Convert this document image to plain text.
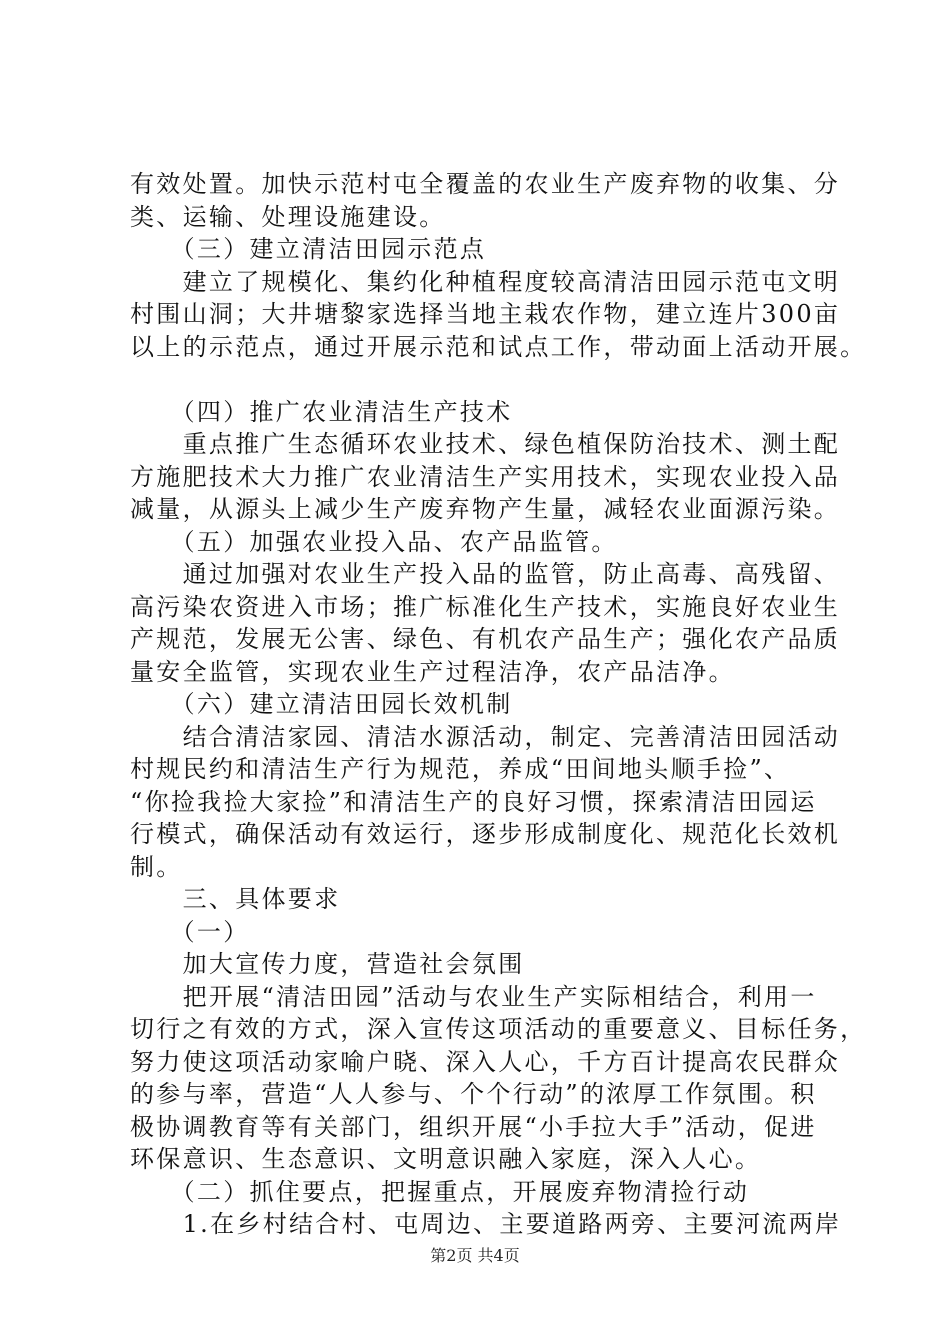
有效处置。加快示范村屯全覆盖的农业生产废弃物的收集、分
类、运输、处理设施建设。
　　（三）建立清洁田园示范点
　　建立了规模化、集约化种植程度较高清洁田园示范屯文明
村围山洞；大井塘黎家选择当地主栽农作物，建立连片300亩
以上的示范点，通过开展示范和试点工作，带动面上活动开展。
　　（四）推广农业清洁生产技术
　　重点推广生态循环农业技术、绿色植保防治技术、测土配
方施肥技术大力推广农业清洁生产实用技术，实现农业投入品
减量，从源头上减少生产废弃物产生量，减轻农业面源污染。
　　（五）加强农业投入品、农产品监管。
　　通过加强对农业生产投入品的监管，防止高毒、高残留、
高污染农资进入市场；推广标准化生产技术，实施良好农业生
产规范，发展无公害、绿色、有机农产品生产；强化农产品质
量安全监管，实现农业生产过程洁净，农产品洁净。
　　（六）建立清洁田园长效机制
　　结合清洁家园、清洁水源活动，制定、完善清洁田园活动
村规民约和清洁生产行为规范，养成“田间地头顺手捡”、
“你捡我捡大家捡”和清洁生产的良好习惯，探索清洁田园运
行模式，确保活动有效运行，逐步形成制度化、规范化长效机
制。
　　三、具体要求
　　（一）
　　加大宣传力度，营造社会氛围
　　把开展“清洁田园”活动与农业生产实际相结合，利用一
切行之有效的方式，深入宣传这项活动的重要意义、目标任务，
努力使这项活动家喻户晓、深入人心，千方百计提高农民群众
的参与率，营造“人人参与、个个行动”的浓厚工作氛围。积
极协调教育等有关部门，组织开展“小手拉大手”活动，促进
环保意识、生态意识、文明意识融入家庭，深入人心。
　　（二）抓住要点，把握重点，开展废弃物清捡行动
　　1.在乡村结合村、屯周边、主要道路两旁、主要河流两岸
第2页 共4页
